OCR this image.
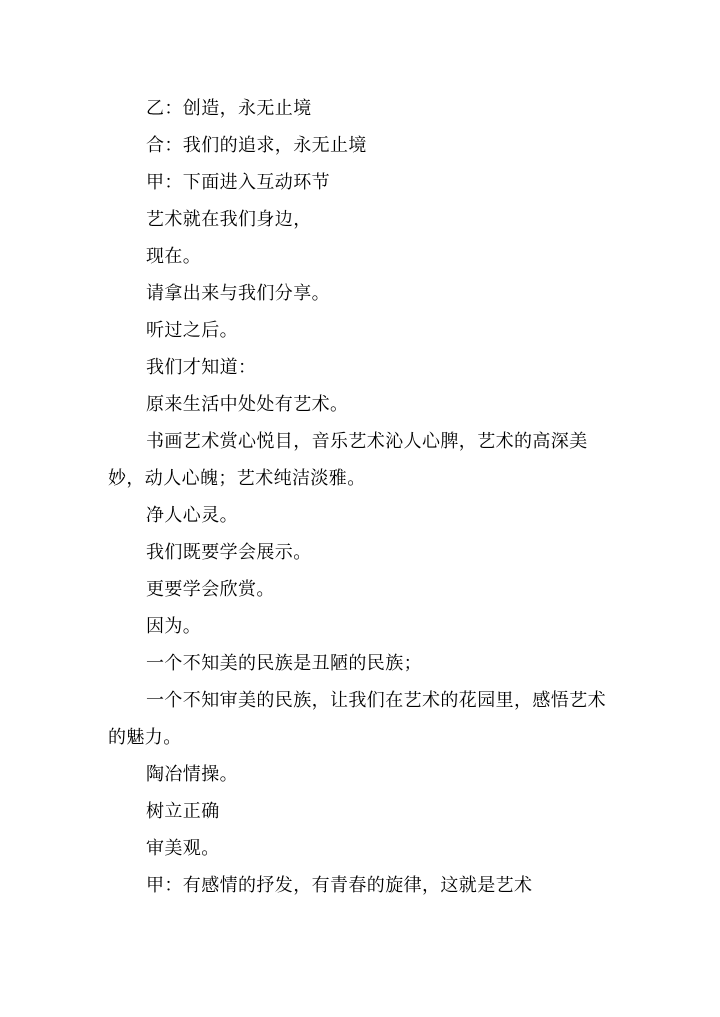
乙：创造，永无止境

合：我们的追求，永无止境

甲：下面进入互动环节

艺术就在我们身边，

现在。

请拿出来与我们分享。

听过之后。

我们才知道：

原来生活中处处有艺术。

书画艺术赏心悦目，音乐艺术沁人心脾，艺术的高深美妙，动人心魄；艺术纯洁淡雅。

净人心灵。

我们既要学会展示。

更要学会欣赏。

因为。

一个不知美的民族是丑陋的民族；

一个不知审美的民族，让我们在艺术的花园里，感悟艺术的魅力。

陶冶情操。

树立正确

审美观。

甲：有感情的抒发，有青春的旋律，这就是艺术
